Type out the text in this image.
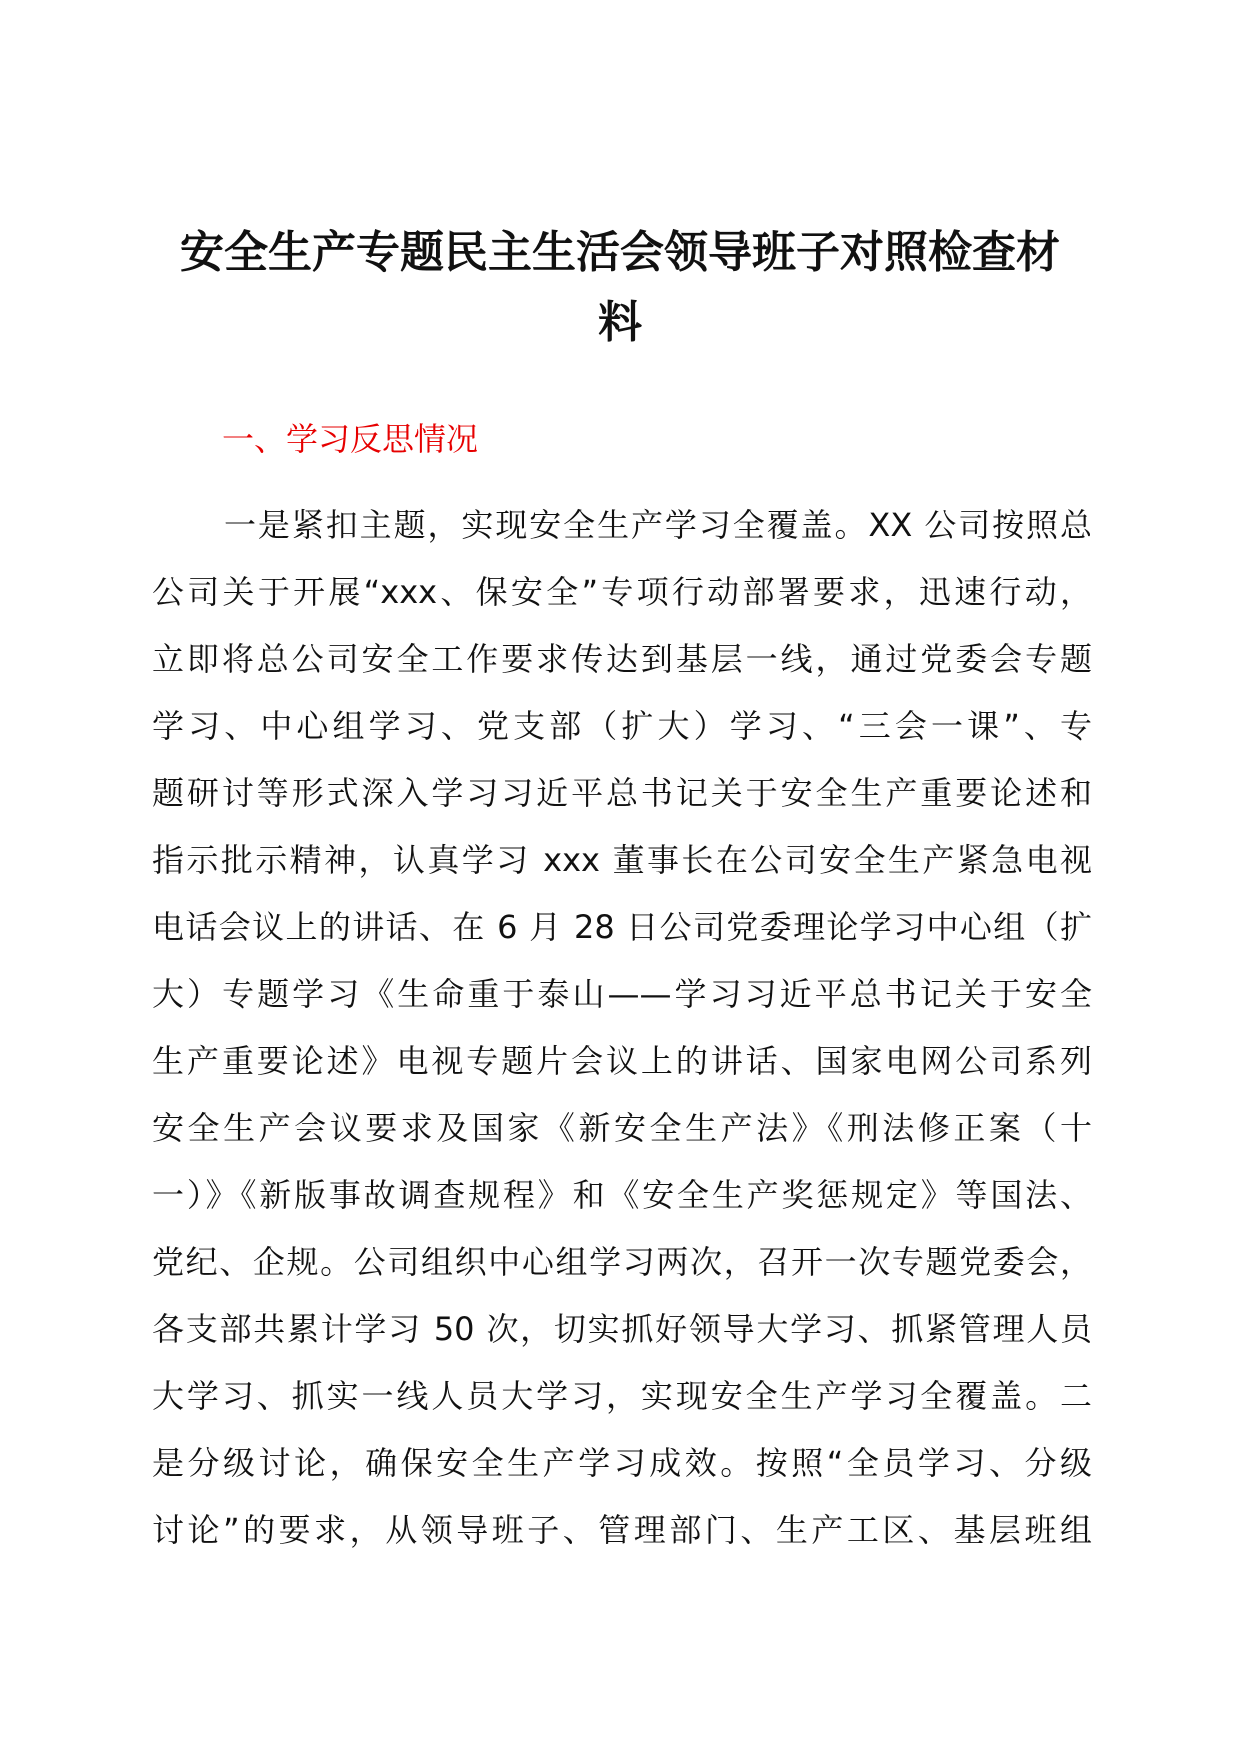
安全生产专题民主生活会领导班子对照检查材
料
一、学习反思情况
一是紧扣主题，实现安全生产学习全覆盖。XX 公司按照总
公司关于开展“xxx、保安全”专项行动部署要求，迅速行动，
立即将总公司安全工作要求传达到基层一线，通过党委会专题
学习、中心组学习、党支部（扩大）学习、“三会一课”、专
题研讨等形式深入学习习近平总书记关于安全生产重要论述和
指示批示精神，认真学习 xxx 董事长在公司安全生产紧急电视
电话会议上的讲话、在 6 月 28 日公司党委理论学习中心组（扩
大）专题学习《生命重于泰山——学习习近平总书记关于安全
生产重要论述》电视专题片会议上的讲话、国家电网公司系列
安全生产会议要求及国家《新安全生产法》《刑法修正案（十
一）》《新版事故调查规程》和《安全生产奖惩规定》等国法、
党纪、企规。公司组织中心组学习两次，召开一次专题党委会，
各支部共累计学习 50 次，切实抓好领导大学习、抓紧管理人员
大学习、抓实一线人员大学习，实现安全生产学习全覆盖。二
是分级讨论，确保安全生产学习成效。按照“全员学习、分级
讨论”的要求，从领导班子、管理部门、生产工区、基层班组
